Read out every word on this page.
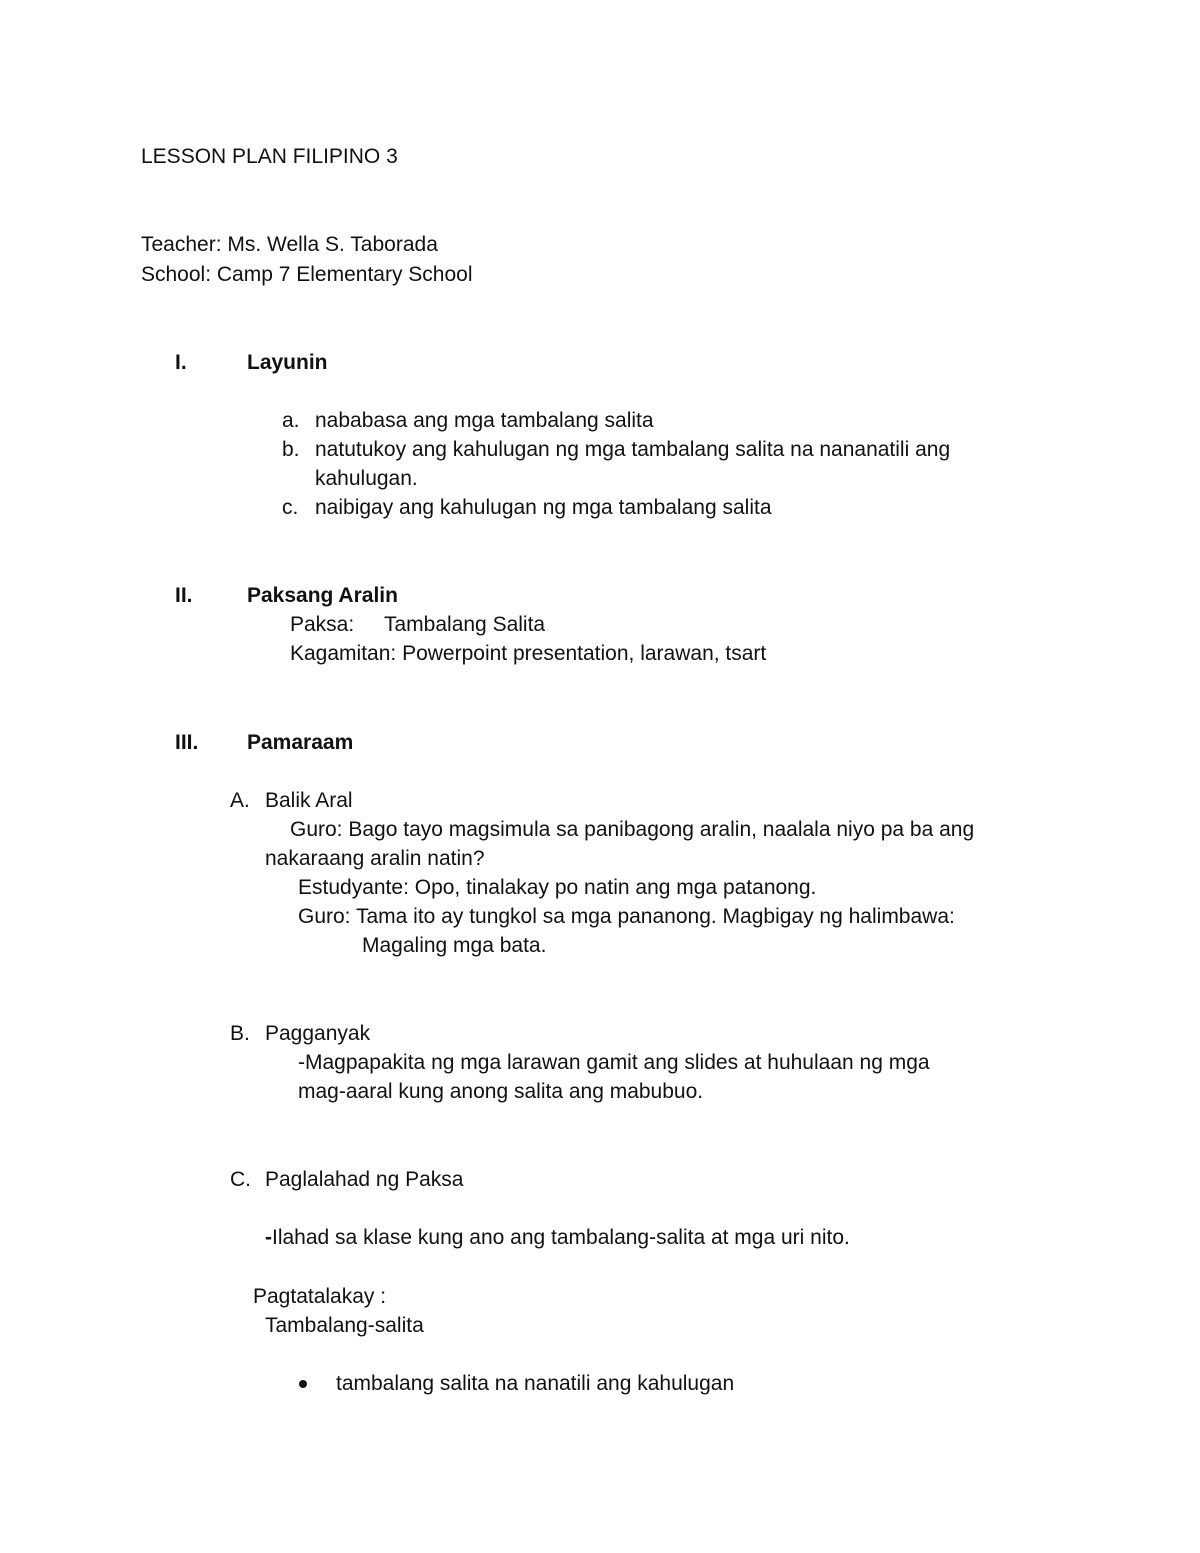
LESSON PLAN FILIPINO 3
Teacher: Ms. Wella S. Taborada
School: Camp 7 Elementary School
I.	Layunin
a. nababasa ang mga tambalang salita
b. natutukoy ang kahulugan ng mga tambalang salita na nananatili ang
kahulugan.
c. naibigay ang kahulugan ng mga tambalang salita
II.	Paksang Aralin
Paksa: Tambalang Salita
Kagamitan: Powerpoint presentation, larawan, tsart
III. Pamaraam
A. Balik Aral
Guro: Bago tayo magsimula sa panibagong aralin, naalala niyo pa ba ang
nakaraang aralin natin?
Estudyante: Opo, tinalakay po natin ang mga patanong.
Guro: Tama ito ay tungkol sa mga pananong. Magbigay ng halimbawa:
Magaling mga bata.
B. Pagganyak
-Magpapakita ng mga larawan gamit ang slides at huhulaan ng mga
mag-aaral kung anong salita ang mabubuo.
C. Paglalahad ng Paksa
- Ilahad sa klase kung ano ang tambalang-salita at mga uri nito.
Pagtatalakay :
Tambalang-salita
tambalang salita na nanatili ang kahulugan
